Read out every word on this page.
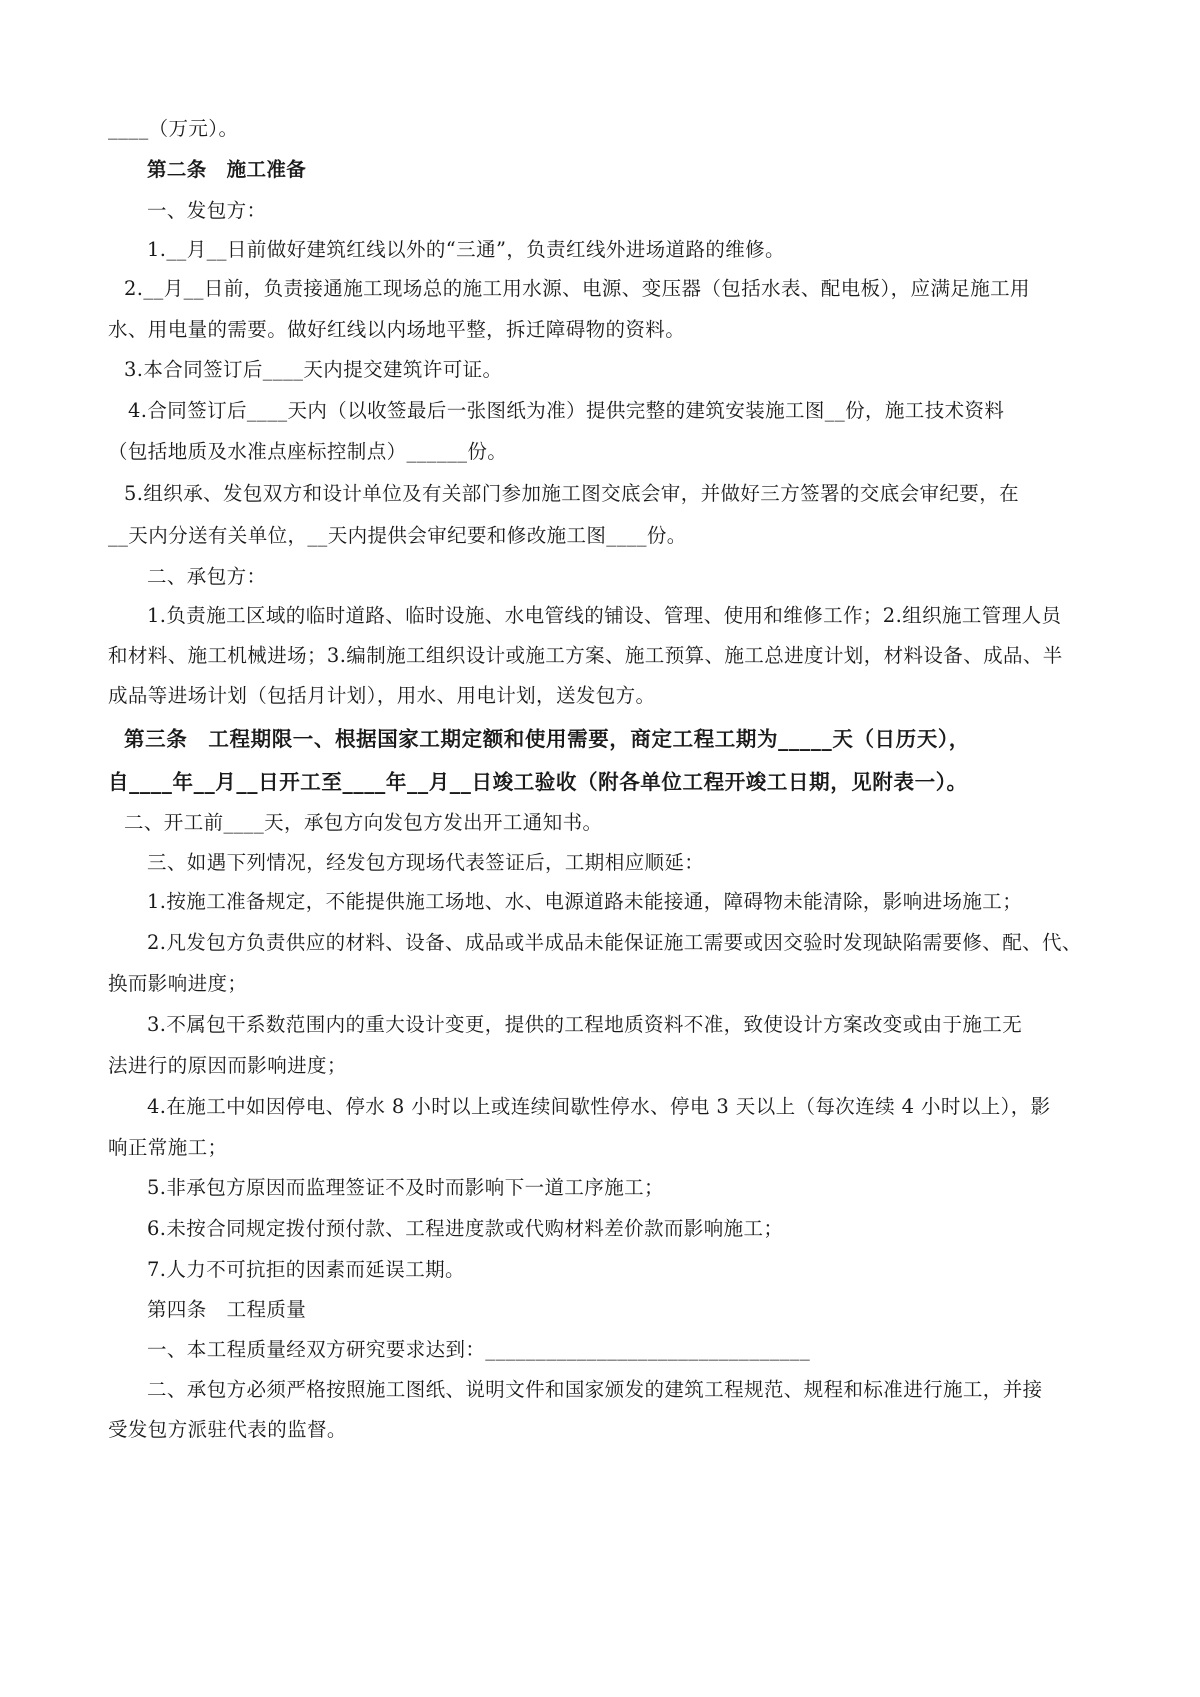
____（万元）。
第二条　施工准备
一、发包方：
1.__月__日前做好建筑红线以外的“三通”，负责红线外进场道路的维修。
2.__月__日前，负责接通施工现场总的施工用水源、电源、变压器（包括水表、配电板），应满足施工用
水、用电量的需要。做好红线以内场地平整，拆迁障碍物的资料。
3.本合同签订后____天内提交建筑许可证。
4.合同签订后____天内（以收签最后一张图纸为准）提供完整的建筑安装施工图__份，施工技术资料
（包括地质及水准点座标控制点）______份。
5.组织承、发包双方和设计单位及有关部门参加施工图交底会审，并做好三方签署的交底会审纪要，在
__天内分送有关单位，__天内提供会审纪要和修改施工图____份。
二、承包方：
1.负责施工区域的临时道路、临时设施、水电管线的铺设、管理、使用和维修工作；2.组织施工管理人员
和材料、施工机械进场；3.编制施工组织设计或施工方案、施工预算、施工总进度计划，材料设备、成品、半
成品等进场计划（包括月计划），用水、用电计划，送发包方。
第三条　工程期限一、根据国家工期定额和使用需要，商定工程工期为_____天（日历天），
自____年__月__日开工至____年__月__日竣工验收（附各单位工程开竣工日期，见附表一）。
二、开工前____天，承包方向发包方发出开工通知书。
三、如遇下列情况，经发包方现场代表签证后，工期相应顺延：
1.按施工准备规定，不能提供施工场地、水、电源道路未能接通，障碍物未能清除，影响进场施工；
2.凡发包方负责供应的材料、设备、成品或半成品未能保证施工需要或因交验时发现缺陷需要修、配、代、
换而影响进度；
3.不属包干系数范围内的重大设计变更，提供的工程地质资料不准，致使设计方案改变或由于施工无
法进行的原因而影响进度；
4.在施工中如因停电、停水 8 小时以上或连续间歇性停水、停电 3 天以上（每次连续 4 小时以上），影
响正常施工；
5.非承包方原因而监理签证不及时而影响下一道工序施工；
6.未按合同规定拨付预付款、工程进度款或代购材料差价款而影响施工；
7.人力不可抗拒的因素而延误工期。
第四条　工程质量
一、本工程质量经双方研究要求达到：________________________________
二、承包方必须严格按照施工图纸、说明文件和国家颁发的建筑工程规范、规程和标准进行施工，并接
受发包方派驻代表的监督。
